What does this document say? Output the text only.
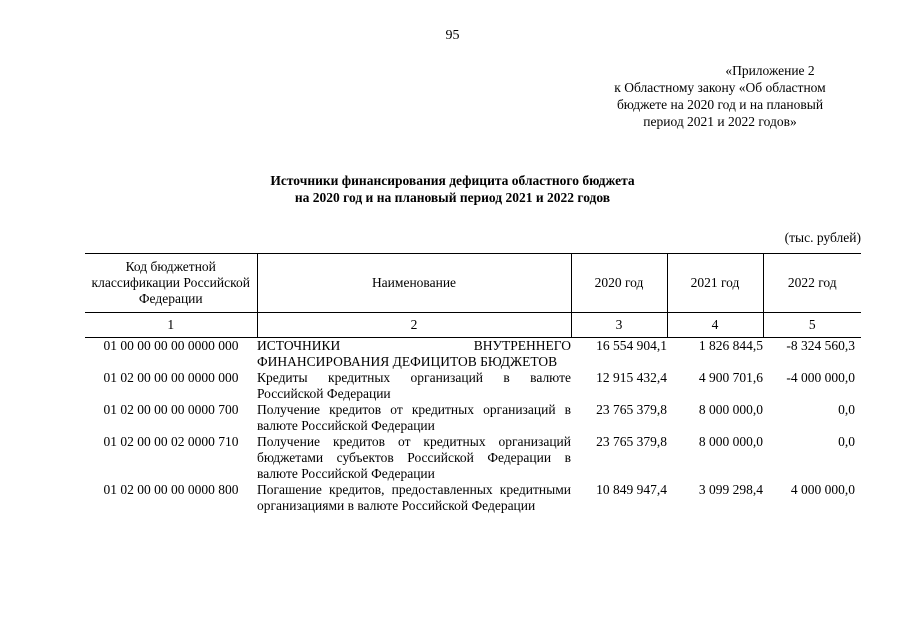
95
«Приложение 2
к Областному закону «Об областном
бюджете на 2020 год и на плановый
период 2021 и 2022 годов»
Источники финансирования дефицита областного бюджета
на 2020 год и на плановый период 2021 и 2022 годов
(тыс. рублей)
Код бюджетной классификации Российской Федерации	Наименование	2020 год	2021 год	2022 год
1	2	3	4	5
01 00 00 00 00 0000 000	ИСТОЧНИКИ ВНУТРЕННЕГО ФИНАНСИРОВАНИЯ ДЕФИЦИТОВ БЮДЖЕТОВ	16 554 904,1	1 826 844,5	-8 324 560,3
01 02 00 00 00 0000 000	Кредиты кредитных организаций в валюте Российской Федерации	12 915 432,4	4 900 701,6	-4 000 000,0
01 02 00 00 00 0000 700	Получение кредитов от кредитных организаций в валюте Российской Федерации	23 765 379,8	8 000 000,0	0,0
01 02 00 00 02 0000 710	Получение кредитов от кредитных организаций бюджетами субъектов Российской Федерации в валюте Российской Федерации	23 765 379,8	8 000 000,0	0,0
01 02 00 00 00 0000 800	Погашение кредитов, предоставленных кредитными организациями в валюте Российской Федерации	10 849 947,4	3 099 298,4	4 000 000,0
